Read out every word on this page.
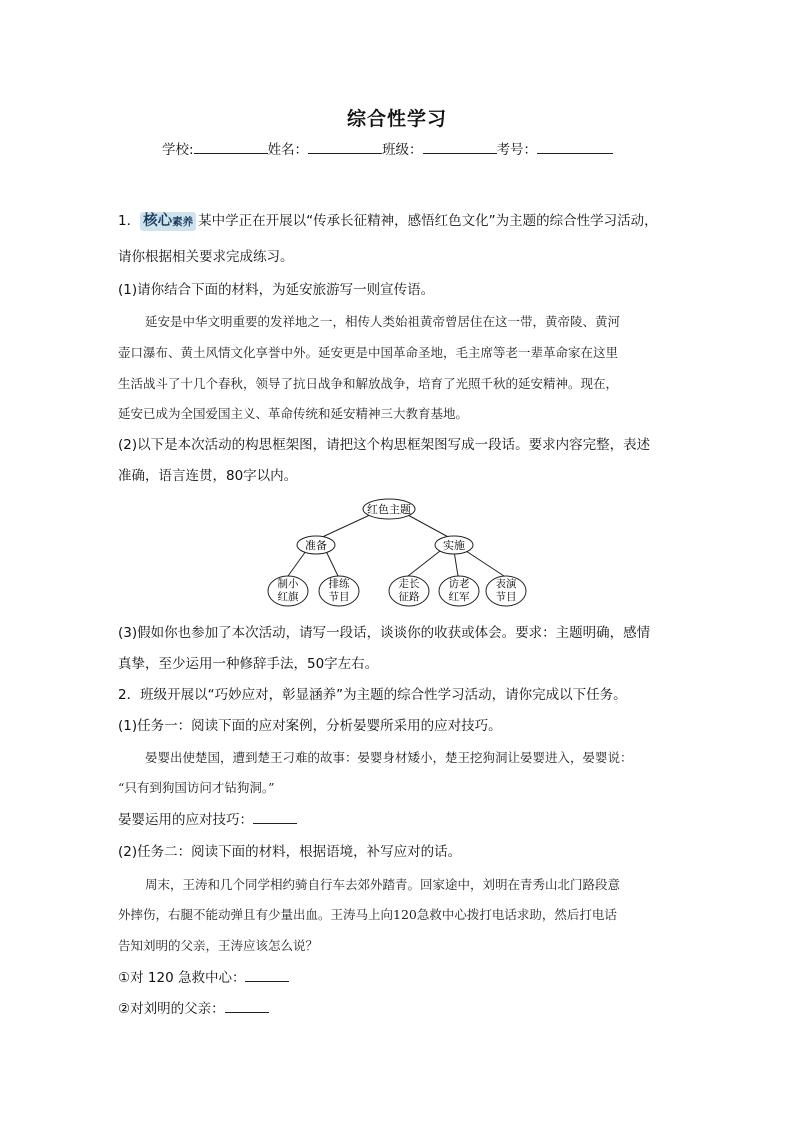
综合性学习
学校:	姓名：	班级：	考号：
1． 核心素养 某中学正在开展以“传承长征精神，感悟红色文化”为主题的综合性学习活动，
请你根据相关要求完成练习。
(1)请你结合下面的材料，为延安旅游写一则宣传语。
延安是中华文明重要的发祥地之一，相传人类始祖黄帝曾居住在这一带，黄帝陵、黄河
壶口瀑布、黄土风情文化享誉中外。延安更是中国革命圣地，毛主席等老一辈革命家在这里
生活战斗了十几个春秋，领导了抗日战争和解放战争，培育了光照千秋的延安精神。现在，
延安已成为全国爱国主义、革命传统和延安精神三大教育基地。
(2)以下是本次活动的构思框架图，请把这个构思框架图写成一段话。要求内容完整，表述
准确，语言连贯，80字以内。
红色主题
准备	实施
制小
红旗
排练
节目
走长
征路
访老
红军
表演
节目
(3)假如你也参加了本次活动，请写一段话，谈谈你的收获或体会。要求：主题明确，感情
真挚，至少运用一种修辞手法，50字左右。
2．班级开展以“巧妙应对，彰显涵养”为主题的综合性学习活动，请你完成以下任务。
(1)任务一：阅读下面的应对案例，分析晏婴所采用的应对技巧。
晏婴出使楚国，遭到楚王刁难的故事：晏婴身材矮小，楚王挖狗洞让晏婴进入，晏婴说：
“只有到狗国访问才钻狗洞。”
晏婴运用的应对技巧：
(2)任务二：阅读下面的材料，根据语境，补写应对的话。
周末，王涛和几个同学相约骑自行车去郊外踏青。回家途中，刘明在青秀山北门路段意
外摔伤，右腿不能动弹且有少量出血。王涛马上向120急救中心拨打电话求助，然后打电话
告知刘明的父亲，王涛应该怎么说？
①对 120 急救中心：
②对刘明的父亲：
